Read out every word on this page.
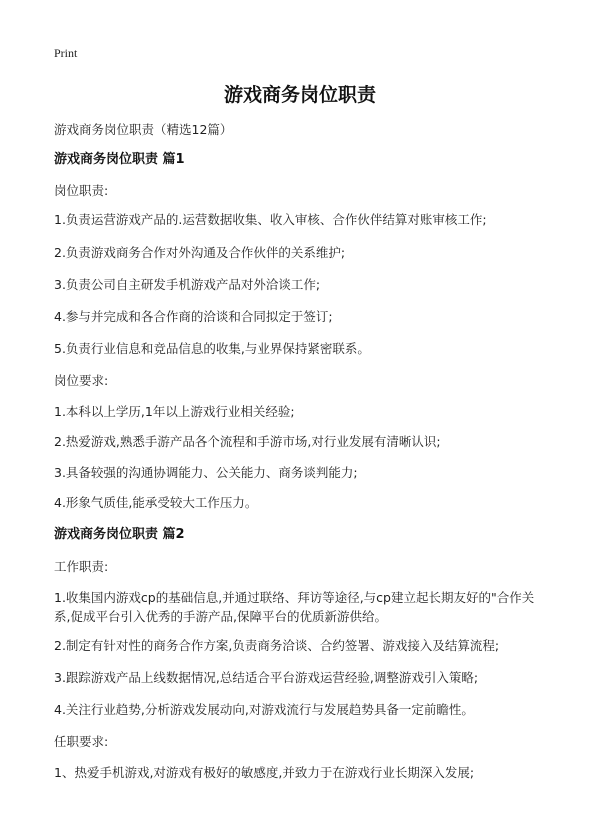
Print
游戏商务岗位职责
游戏商务岗位职责（精选12篇）
游戏商务岗位职责 篇1
岗位职责:
1.负责运营游戏产品的.运营数据收集、收入审核、合作伙伴结算对账审核工作;
2.负责游戏商务合作对外沟通及合作伙伴的关系维护;
3.负责公司自主研发手机游戏产品对外洽谈工作;
4.参与并完成和各合作商的洽谈和合同拟定于签订;
5.负责行业信息和竞品信息的收集,与业界保持紧密联系。
岗位要求:
1.本科以上学历,1年以上游戏行业相关经验;
2.热爱游戏,熟悉手游产品各个流程和手游市场,对行业发展有清晰认识;
3.具备较强的沟通协调能力、公关能力、商务谈判能力;
4.形象气质佳,能承受较大工作压力。
游戏商务岗位职责 篇2
工作职责:
1.收集国内游戏cp的基础信息,并通过联络、拜访等途径,与cp建立起长期友好的"合作关系,促成平台引入优秀的手游产品,保障平台的优质新游供给。
2.制定有针对性的商务合作方案,负责商务洽谈、合约签署、游戏接入及结算流程;
3.跟踪游戏产品上线数据情况,总结适合平台游戏运营经验,调整游戏引入策略;
4.关注行业趋势,分析游戏发展动向,对游戏流行与发展趋势具备一定前瞻性。
任职要求:
1、热爱手机游戏,对游戏有极好的敏感度,并致力于在游戏行业长期深入发展;
